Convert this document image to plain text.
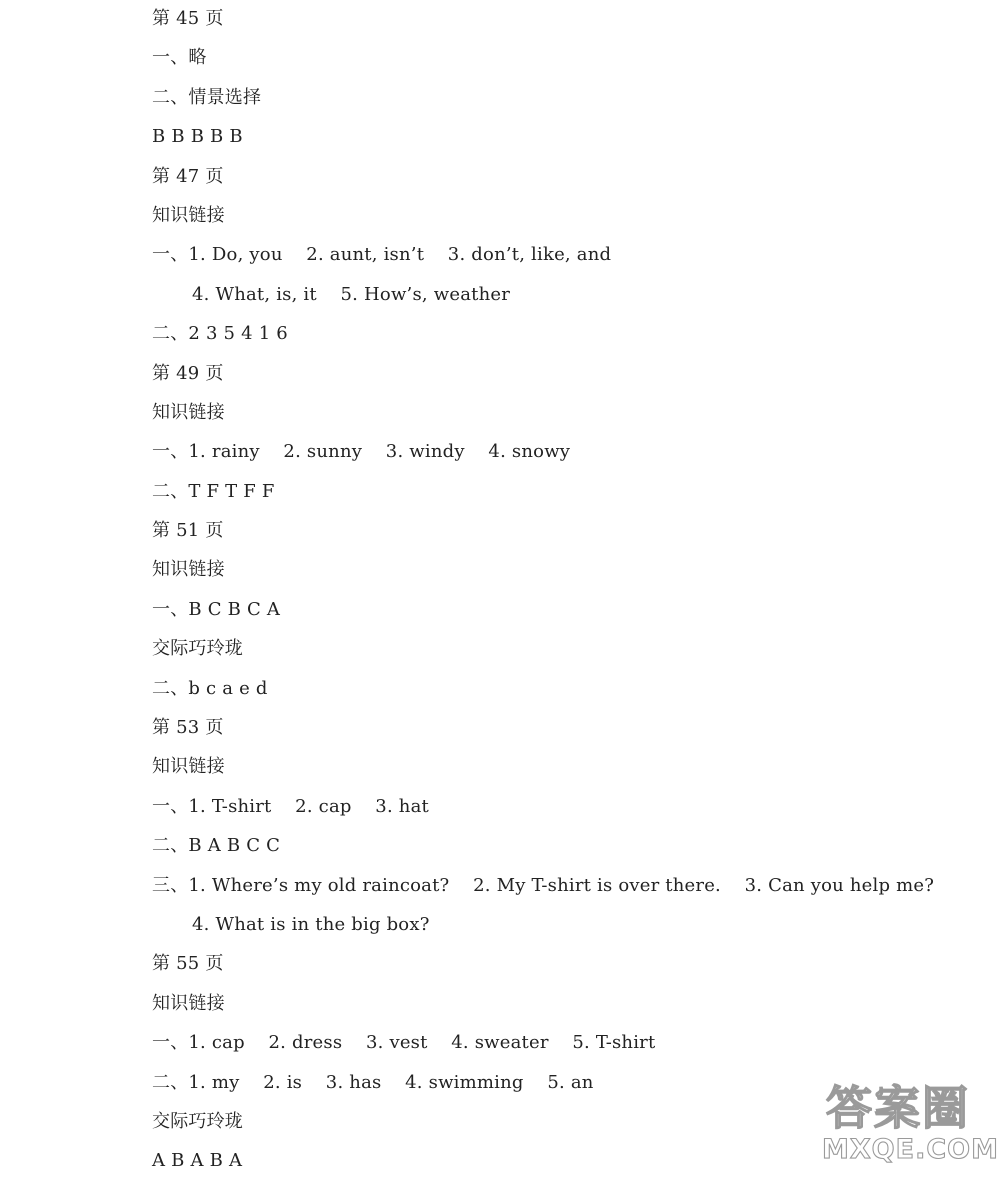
第 45 页
一、略
二、情景选择
B B B B B
第 47 页
知识链接
一、1. Do, you    2. aunt, isn’t    3. don’t, like, and
4. What, is, it    5. How’s, weather
二、2 3 5 4 1 6
第 49 页
知识链接
一、1. rainy    2. sunny    3. windy    4. snowy
二、T F T F F
第 51 页
知识链接
一、B C B C A
交际巧玲珑
二、b c a e d
第 53 页
知识链接
一、1. T-shirt    2. cap    3. hat
二、B A B C C
三、1. Where’s my old raincoat?    2. My T-shirt is over there.    3. Can you help me?
4. What is in the big box?
第 55 页
知识链接
一、1. cap    2. dress    3. vest    4. sweater    5. T-shirt
二、1. my    2. is    3. has    4. swimming    5. an
交际巧玲珑
A B A B A
答案圈
MXQE.COM
